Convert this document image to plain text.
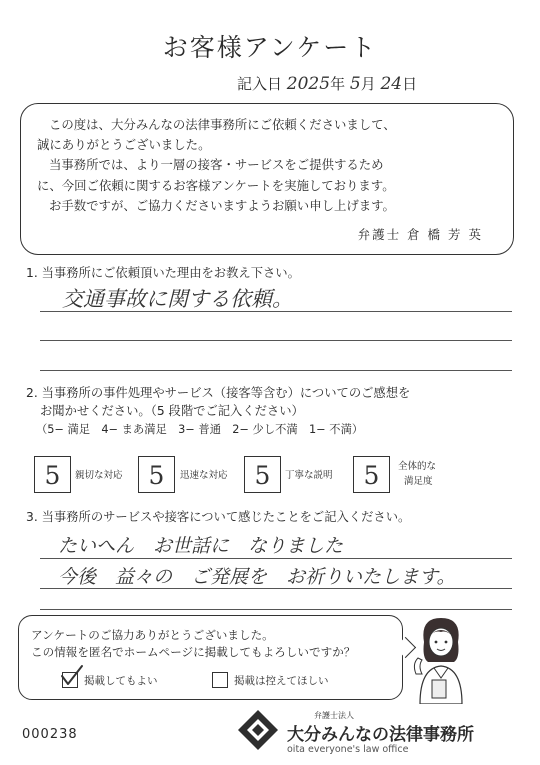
お客様アンケート
記入日 2025年 5月 24日
この度は、大分みんなの法律事務所にご依頼くださいまして、
誠にありがとうございました。
当事務所では、より一層の接客・サービスをご提供するため
に、今回ご依頼に関するお客様アンケートを実施しております。
お手数ですが、ご協力くださいますようお願い申し上げます。
弁護士 倉 橋 芳 英
1. 当事務所にご依頼頂いた理由をお教え下さい。
交通事故に関する依頼。
2. 当事務所の事件処理やサービス（接客等含む）についてのご感想を
お聞かせください。（5 段階でご記入ください）
（5− 満足　4− まあ満足　3− 普通　2− 少し不満　1− 不満）
5	親切な対応	5	迅速な対応	5	丁寧な説明	5	全体的な
満足度
3. 当事務所のサービスや接客について感じたことをご記入ください。
たいへん　お世話に　なりました
今後　益々の　ご発展を　お祈りいたします。
アンケートのご協力ありがとうございました。
この情報を匿名でホームページに掲載してもよろしいですか？
掲載してもよい	掲載は控えてほしい
000238
弁護士法人
大分みんなの法律事務所
oita everyone's law office
